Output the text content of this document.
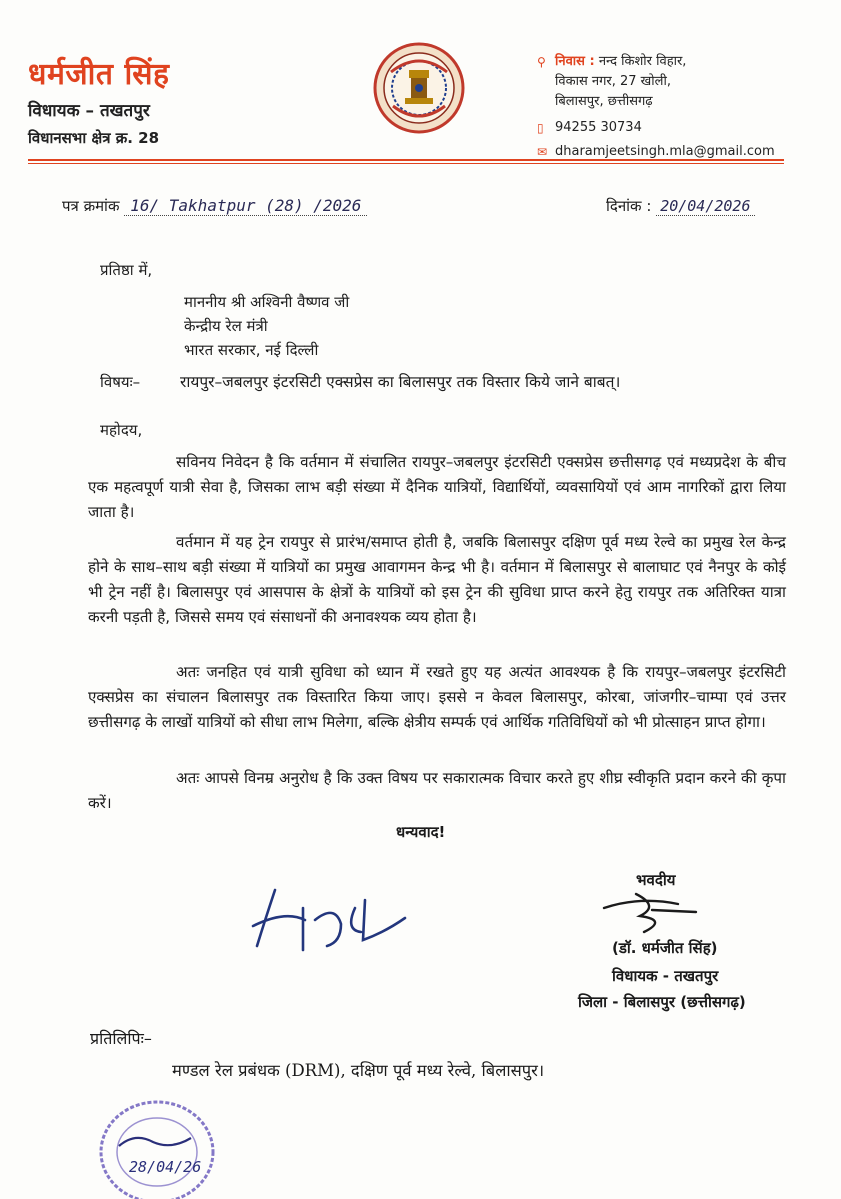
धर्मजीत सिंह
विधायक – तखतपुर
विधानसभा क्षेत्र क्र. 28
⚲ निवास : नन्द किशोर विहार,
विकास नगर, 27 खोली,
बिलासपुर, छत्तीसगढ़
▯ 94255 30734
✉ dharamjeetsingh.mla@gmail.com
पत्र क्रमांक 16/ Takhatpur (28) /2026	दिनांक : 20/04/2026
प्रतिष्ठा में,
माननीय श्री अश्विनी वैष्णव जी
केन्द्रीय रेल मंत्री
भारत सरकार, नई दिल्ली
विषयः–	रायपुर–जबलपुर इंटरसिटी एक्सप्रेस का बिलासपुर तक विस्तार किये जाने बाबत्।
महोदय,
सविनय निवेदन है कि वर्तमान में संचालित रायपुर–जबलपुर इंटरसिटी एक्सप्रेस छत्तीसगढ़ एवं मध्यप्रदेश के बीच एक महत्वपूर्ण यात्री सेवा है, जिसका लाभ बड़ी संख्या में दैनिक यात्रियों, विद्यार्थियों, व्यवसायियों एवं आम नागरिकों द्वारा लिया जाता है।
वर्तमान में यह ट्रेन रायपुर से प्रारंभ/समाप्त होती है, जबकि बिलासपुर दक्षिण पूर्व मध्य रेल्वे का प्रमुख रेल केन्द्र होने के साथ–साथ बड़ी संख्या में यात्रियों का प्रमुख आवागमन केन्द्र भी है। वर्तमान में बिलासपुर से बालाघाट एवं नैनपुर के कोई भी ट्रेन नहीं है। बिलासपुर एवं आसपास के क्षेत्रों के यात्रियों को इस ट्रेन की सुविधा प्राप्त करने हेतु रायपुर तक अतिरिक्त यात्रा करनी पड़ती है, जिससे समय एवं संसाधनों की अनावश्यक व्यय होता है।
अतः जनहित एवं यात्री सुविधा को ध्यान में रखते हुए यह अत्यंत आवश्यक है कि रायपुर–जबलपुर इंटरसिटी एक्सप्रेस का संचालन बिलासपुर तक विस्तारित किया जाए। इससे न केवल बिलासपुर, कोरबा, जांजगीर–चाम्पा एवं उत्तर छत्तीसगढ़ के लाखों यात्रियों को सीधा लाभ मिलेगा, बल्कि क्षेत्रीय सम्पर्क एवं आर्थिक गतिविधियों को भी प्रोत्साहन प्राप्त होगा।
अतः आपसे विनम्र अनुरोध है कि उक्त विषय पर सकारात्मक विचार करते हुए शीघ्र स्वीकृति प्रदान करने की कृपा करें।
धन्यवाद!
भवदीय
(डॉ. धर्मजीत सिंह)
विधायक - तखतपुर
जिला - बिलासपुर (छत्तीसगढ़)
प्रतिलिपिः–
मण्डल रेल प्रबंधक (DRM), दक्षिण पूर्व मध्य रेल्वे, बिलासपुर।
28/04/26
